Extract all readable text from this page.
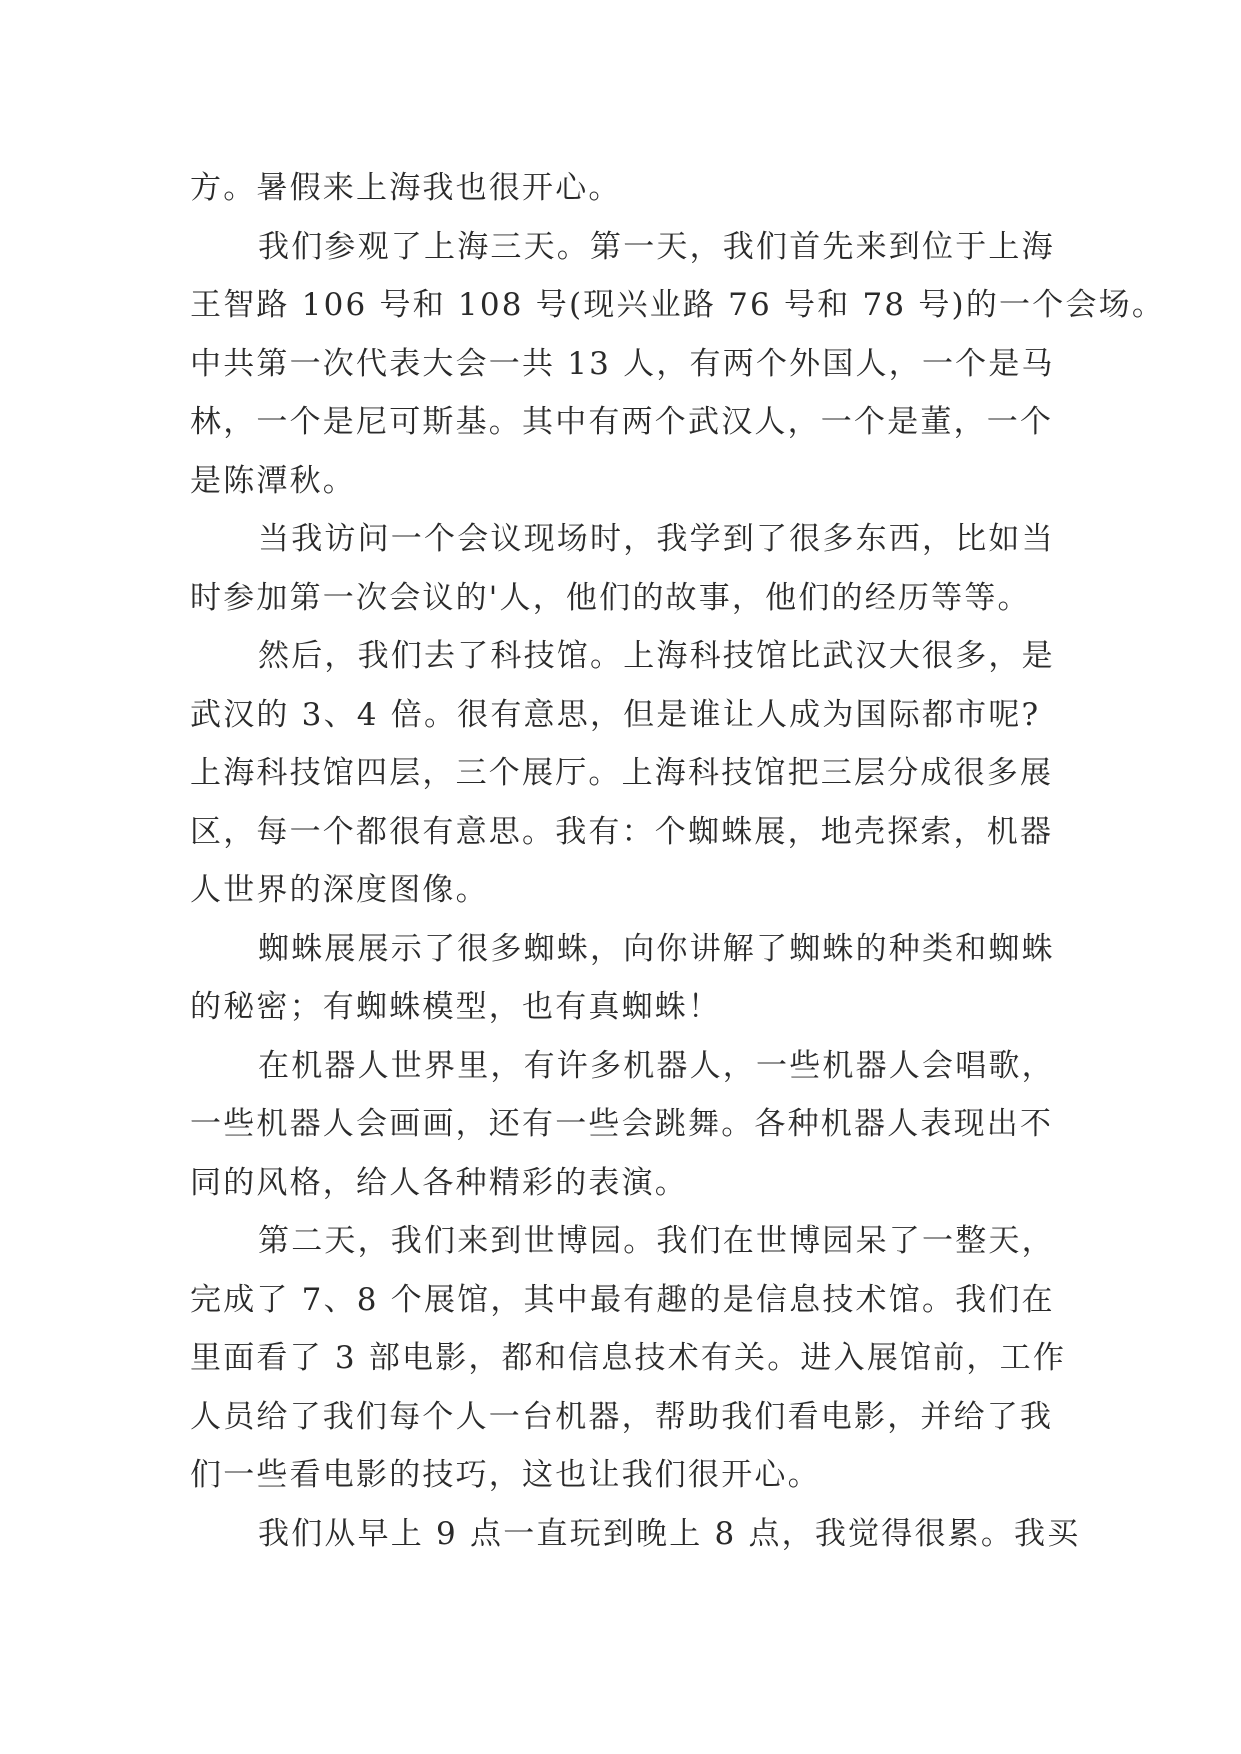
方。暑假来上海我也很开心。
我们参观了上海三天。第一天，我们首先来到位于上海
王智路 106 号和 108 号(现兴业路 76 号和 78 号)的一个会场。
中共第一次代表大会一共 13 人，有两个外国人，一个是马
林，一个是尼可斯基。其中有两个武汉人，一个是董，一个
是陈潭秋。
当我访问一个会议现场时，我学到了很多东西，比如当
时参加第一次会议的'人，他们的故事，他们的经历等等。
然后，我们去了科技馆。上海科技馆比武汉大很多，是
武汉的 3、4 倍。很有意思，但是谁让人成为国际都市呢?
上海科技馆四层，三个展厅。上海科技馆把三层分成很多展
区，每一个都很有意思。我有：个蜘蛛展，地壳探索，机器
人世界的深度图像。
蜘蛛展展示了很多蜘蛛，向你讲解了蜘蛛的种类和蜘蛛
的秘密；有蜘蛛模型，也有真蜘蛛！
在机器人世界里，有许多机器人，一些机器人会唱歌，
一些机器人会画画，还有一些会跳舞。各种机器人表现出不
同的风格，给人各种精彩的表演。
第二天，我们来到世博园。我们在世博园呆了一整天，
完成了 7、8 个展馆，其中最有趣的是信息技术馆。我们在
里面看了 3 部电影，都和信息技术有关。进入展馆前，工作
人员给了我们每个人一台机器，帮助我们看电影，并给了我
们一些看电影的技巧，这也让我们很开心。
我们从早上 9 点一直玩到晚上 8 点，我觉得很累。我买
